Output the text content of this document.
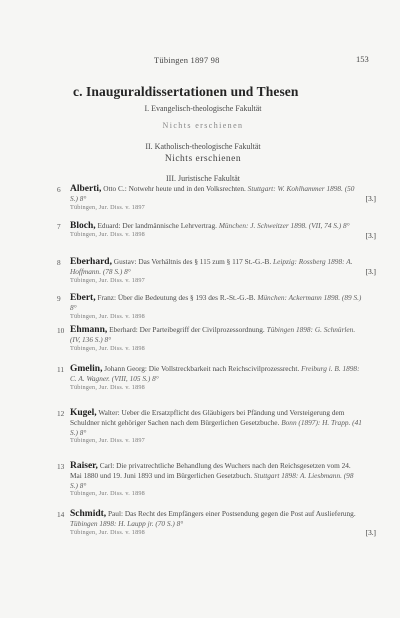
Tübingen 1897 98	153
c. Inauguraldissertationen und Thesen
I. Evangelisch-theologische Fakultät
Nichts erschienen
II. Katholisch-theologische Fakultät
Nichts erschienen
III. Juristische Fakultät
6 Alberti, Otto C.: Notwehr heute und in den Volksrechten. Stuttgart: W. Kohlhammer 1898. (50 S.) 8°	[3.]
Tübingen, Jur. Diss. v. 1897
7 Bloch, Eduard: Der landmännische Lehrvertrag. München: J. Schweitzer 1898. (VII, 74 S.) 8°
[3.]
Tübingen, Jur. Diss. v. 1898
8 Eberhard, Gustav: Das Verhältnis des § 115 zum § 117 St.-G.-B. Leipzig: Rossberg 1898: A. Hoffmann. (78 S.) 8°	[3.]
Tübingen, Jur. Diss. v. 1897
9 Ebert, Franz: Über die Bedeutung des § 193 des R.-St.-G.-B. München: Ackermann 1898. (89 S.) 8°
Tübingen, Jur. Diss. v. 1898
10 Ehmann, Eberhard: Der Parteibegriff der Civilprozessordnung. Tübingen 1898: G. Schnürlen. (IV, 136 S.) 8°
Tübingen, Jur. Diss. v. 1898
11 Gmelin, Johann Georg: Die Vollstreckbarkeit nach Reichscivilprozessrecht. Freiburg i. B. 1898: C. A. Wagner. (VIII, 105 S.) 8°
Tübingen, Jur. Diss. v. 1898
12 Kugel, Walter: Ueber die Ersatzpflicht des Gläubigers bei Pfändung und Versteigerung dem Schuldner nicht gehöriger Sachen nach dem Bürgerlichen Gesetzbuche. Bonn (1897): H. Trapp. (41 S.) 8°
Tübingen, Jur. Diss. v. 1897
13 Raiser, Carl: Die privatrechtliche Behandlung des Wuchers nach den Reichsgesetzen vom 24. Mai 1880 und 19. Juni 1893 und im Bürgerlichen Gesetzbuch. Stuttgart 1898: A. Liesbmann. (98 S.) 8°
Tübingen, Jur. Diss. v. 1898
14 Schmidt, Paul: Das Recht des Empfängers einer Postsendung gegen die Post auf Auslieferung. Tübingen 1898: H. Laupp jr. (70 S.) 8°
[3.]
Tübingen, Jur. Diss. v. 1898
